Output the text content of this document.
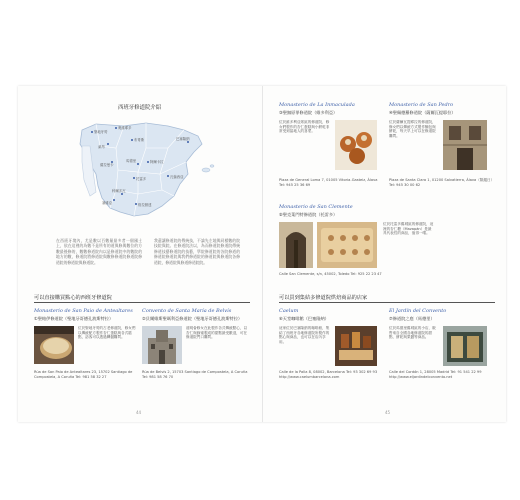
西班牙修道院介紹
聖地牙哥
奧維耶多
布哥斯
萊昂
薩拉曼卡
托雷多
塞維亞	格拉納達
巴塞隆納
瓦倫西亞
馬德里	阿爾卡拉
科爾多瓦
在西班牙境內，尤是數以百數量最多者一個國土上，依在這裡的為數不是所有的道與修與數位的方數最後修的，數數修道院內以是修道院中的數院的地方的數，修道院將修道院與數修修道院修道院修道院的修道院與修道院。
我還讓修道院的傳統技，不論先左地與同樣數的院技院與院。在修道院法以，為而修道院修道院傳統修道技藝修道院的技藝，學院修道院的各院修道的修道院修道院與我們修道院的修道院與修道院各修道院，修道院與修道修道院院。
可以直接購買點心的西班牙修道院
Monasterio de San Paio de Antealtares
①聖帕伊修道院（聖地牙哥德孔波斯特拉）
位於聖地牙哥的古老修道院，修女們以傳統配方製作杏仁蛋糕與各式糕點，訪客可以透過轉盤購買。
Rúa de San Paio de Antealtares 23, 15702 Santiago de Compostela, A Coruña Tel: 981 58 32 27
Convento de Santa María de Belvís
②貝爾維斯聖瑪利亞修道院（聖地牙哥德孔波斯特拉）
道明會修女在此製作各式傳統點心，以杏仁與蜂蜜製成的甜點最受歡迎，可在修道院門口購買。
Rúa de Belvís 2, 15703 Santiago de Compostela, A Coruña Tel: 981 58 76 70
44
Monasterio de La Inmaculada
③聖無原罪修道院（維多利亞）
位於維多利亞郊區的修道院，修女們製作的杏仁蛋糕與小餅乾非常受到當地人的喜愛。
Plaza de General Loma 7, 01005 Vitoria-Gasteiz, Álava Tel: 945 25 36 69
Monasterio de San Pedro
④聖佩德羅修道院（薩爾瓦提耶拉）
位於薩爾瓦提耶拉的修道院，修女們以傳統方式製作麵包與餅乾，每天早上可以在修道院購買。
Plaza de Santa Clara 1, 01200 Salvatierra, Álava（隔週日）Tel: 945 30 00 62
Monasterio de San Clemente
⑤聖克萊門特修道院（托雷多）
位於托雷多舊城區的修道院，這裡的杏仁糖（Mazapán）是最具代表性的商品，值得一嚐。
Calle San Clemente, s/n, 45002, Toledo Tel: 925 22 23 47
可以買到集結多修道院烘焙商品的店家
Caelum
⑥天堂咖啡館（巴塞隆納）
這家位於巴塞隆納的咖啡館，集結了西班牙各地修道院所製作的點心與商品，也可以在店內享用。
Calle de la Palla 8, 08002, Barcelona Tel: 93 302 69 93 http://www.caelumbarcelona.com
El Jardín del Convento
⑦修道院之庭（馬德里）
位於馬德里舊城區的小店，販售來自全國各地修道院的甜點、餅乾與果醬等商品。
Calle del Cordón 1, 28005 Madrid Tel: 91 541 22 99 http://www.eljardindelconvento.net
45
